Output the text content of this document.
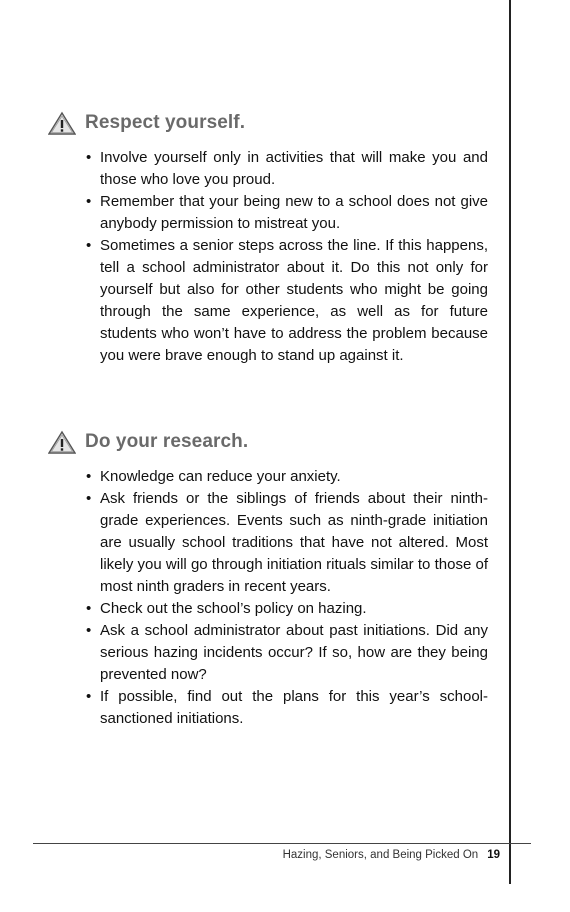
Respect yourself.
• Involve yourself only in activities that will make you and those who love you proud.
• Remember that your being new to a school does not give anybody permission to mistreat you.
• Sometimes a senior steps across the line. If this happens, tell a school administrator about it. Do this not only for yourself but also for other students who might be going through the same experience, as well as for future students who won’t have to address the problem because you were brave enough to stand up against it.
Do your research.
• Knowledge can reduce your anxiety.
• Ask friends or the siblings of friends about their ninth-grade experiences. Events such as ninth-grade initiation are usually school traditions that have not altered. Most likely you will go through initiation rituals similar to those of most ninth graders in recent years.
• Check out the school’s policy on hazing.
• Ask a school administrator about past initiations. Did any serious hazing incidents occur? If so, how are they being prevented now?
• If possible, find out the plans for this year’s school-sanctioned initiations.
Hazing, Seniors, and Being Picked On 19
